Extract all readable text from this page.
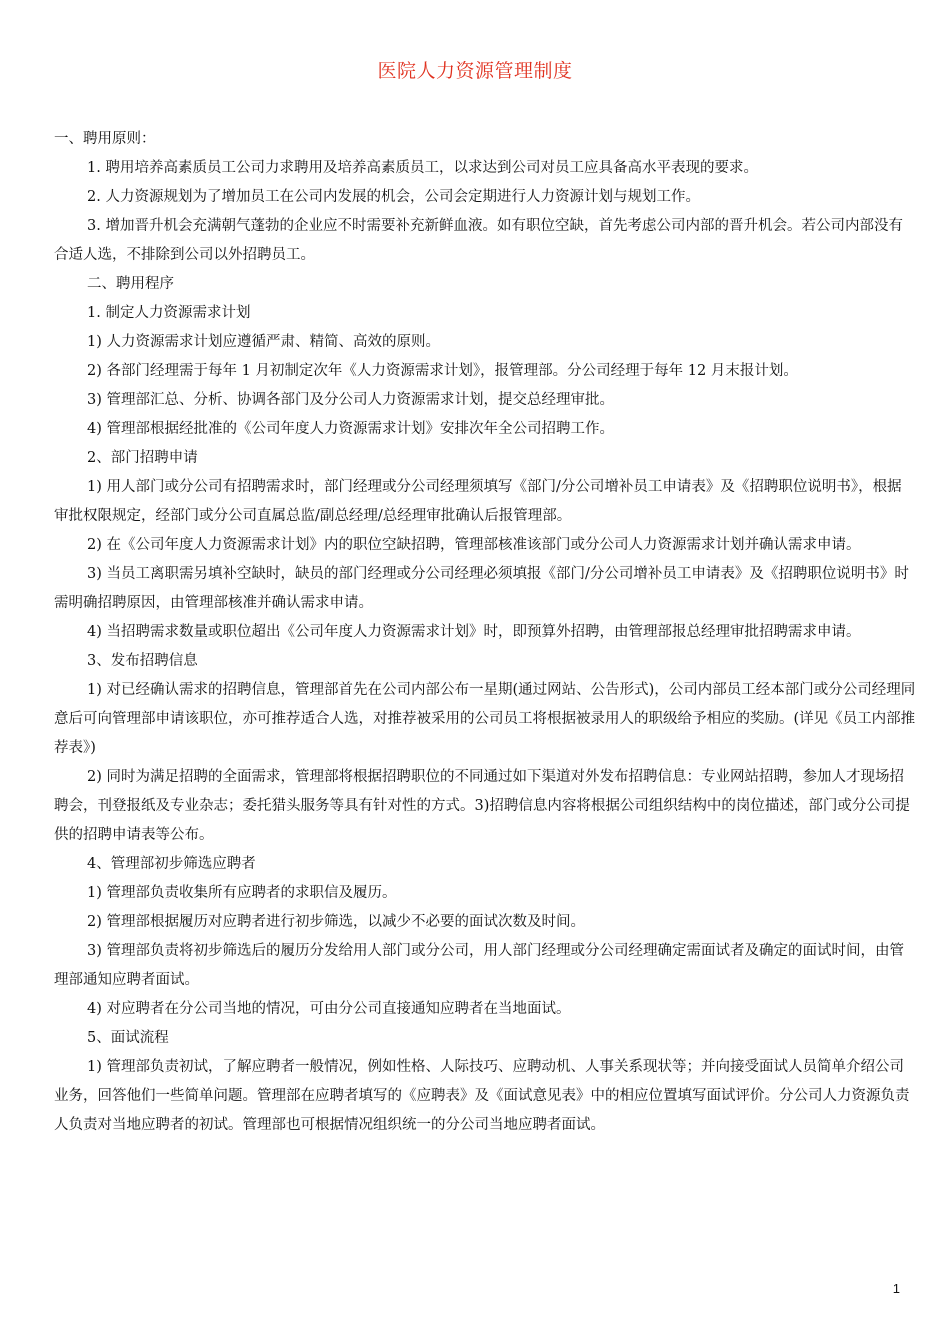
医院人力资源管理制度

一、聘用原则：

1. 聘用培养高素质员工公司力求聘用及培养高素质员工，以求达到公司对员工应具备高水平表现的要求。

2. 人力资源规划为了增加员工在公司内发展的机会，公司会定期进行人力资源计划与规划工作。

3. 增加晋升机会充满朝气蓬勃的企业应不时需要补充新鲜血液。如有职位空缺，首先考虑公司内部的晋升机会。若公司内部没有合适人选，不排除到公司以外招聘员工。

二、聘用程序

1. 制定人力资源需求计划

1) 人力资源需求计划应遵循严肃、精简、高效的原则。

2) 各部门经理需于每年 1 月初制定次年《人力资源需求计划》，报管理部。分公司经理于每年 12 月末报计划。

3) 管理部汇总、分析、协调各部门及分公司人力资源需求计划，提交总经理审批。

4) 管理部根据经批准的《公司年度人力资源需求计划》安排次年全公司招聘工作。

2、部门招聘申请

1) 用人部门或分公司有招聘需求时，部门经理或分公司经理须填写《部门/分公司增补员工申请表》及《招聘职位说明书》，根据审批权限规定，经部门或分公司直属总监/副总经理/总经理审批确认后报管理部。

2) 在《公司年度人力资源需求计划》内的职位空缺招聘，管理部核准该部门或分公司人力资源需求计划并确认需求申请。

3) 当员工离职需另填补空缺时，缺员的部门经理或分公司经理必须填报《部门/分公司增补员工申请表》及《招聘职位说明书》时需明确招聘原因，由管理部核准并确认需求申请。

4) 当招聘需求数量或职位超出《公司年度人力资源需求计划》时，即预算外招聘，由管理部报总经理审批招聘需求申请。

3、发布招聘信息

1) 对已经确认需求的招聘信息，管理部首先在公司内部公布一星期(通过网站、公告形式)，公司内部员工经本部门或分公司经理同意后可向管理部申请该职位，亦可推荐适合人选，对推荐被采用的公司员工将根据被录用人的职级给予相应的奖励。(详见《员工内部推荐表》)

2) 同时为满足招聘的全面需求，管理部将根据招聘职位的不同通过如下渠道对外发布招聘信息：专业网站招聘，参加人才现场招聘会，刊登报纸及专业杂志；委托猎头服务等具有针对性的方式。3)招聘信息内容将根据公司组织结构中的岗位描述，部门或分公司提供的招聘申请表等公布。

4、管理部初步筛选应聘者

1) 管理部负责收集所有应聘者的求职信及履历。

2) 管理部根据履历对应聘者进行初步筛选，以减少不必要的面试次数及时间。

3) 管理部负责将初步筛选后的履历分发给用人部门或分公司，用人部门经理或分公司经理确定需面试者及确定的面试时间，由管理部通知应聘者面试。

4) 对应聘者在分公司当地的情况，可由分公司直接通知应聘者在当地面试。

5、面试流程

1) 管理部负责初试，了解应聘者一般情况，例如性格、人际技巧、应聘动机、人事关系现状等；并向接受面试人员简单介绍公司业务，回答他们一些简单问题。管理部在应聘者填写的《应聘表》及《面试意见表》中的相应位置填写面试评价。分公司人力资源负责人负责对当地应聘者的初试。管理部也可根据情况组织统一的分公司当地应聘者面试。

1
